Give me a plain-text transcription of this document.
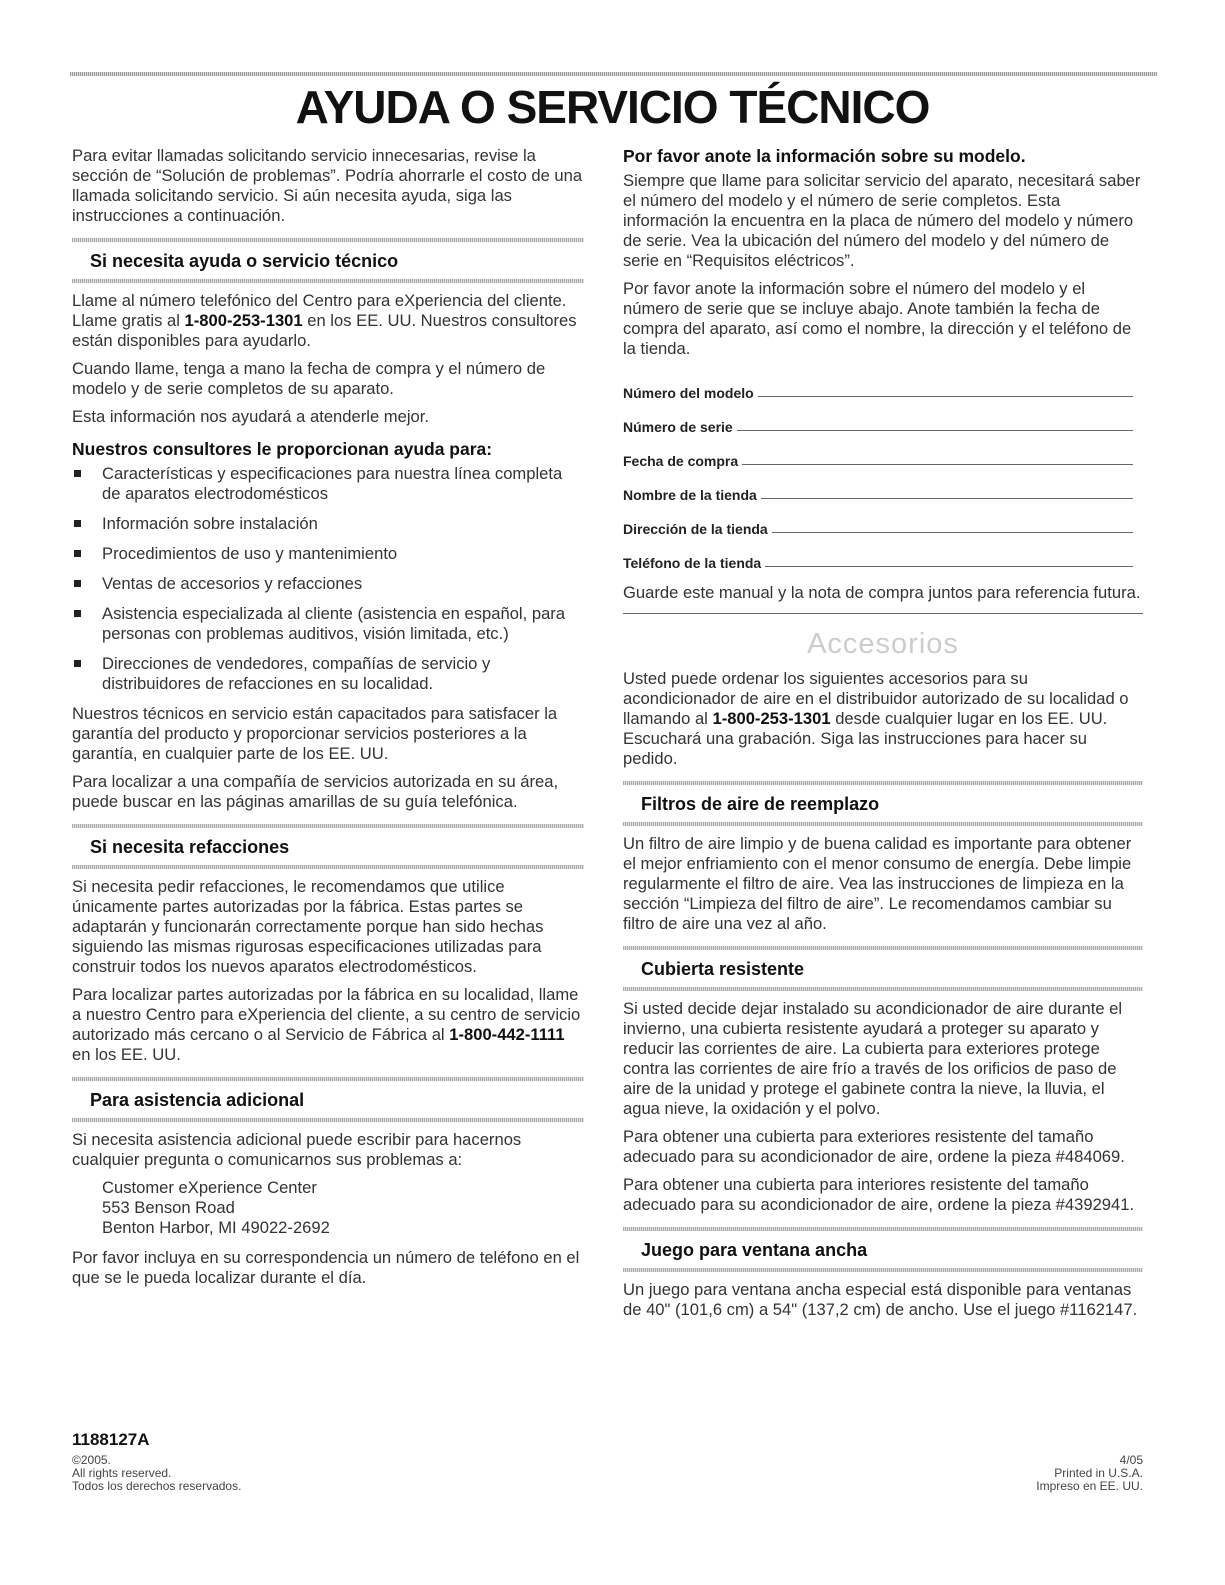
AYUDA O SERVICIO TÉCNICO

Para evitar llamadas solicitando servicio innecesarias, revise la sección de “Solución de problemas”. Podría ahorrarle el costo de una llamada solicitando servicio. Si aún necesita ayuda, siga las instrucciones a continuación.

Si necesita ayuda o servicio técnico

Llame al número telefónico del Centro para eXperiencia del cliente. Llame gratis al 1-800-253-1301 en los EE. UU. Nuestros consultores están disponibles para ayudarlo.

Cuando llame, tenga a mano la fecha de compra y el número de modelo y de serie completos de su aparato.

Esta información nos ayudará a atenderle mejor.

Nuestros consultores le proporcionan ayuda para:
Características y especificaciones para nuestra línea completa de aparatos electrodomésticos
Información sobre instalación
Procedimientos de uso y mantenimiento
Ventas de accesorios y refacciones
Asistencia especializada al cliente (asistencia en español, para personas con problemas auditivos, visión limitada, etc.)
Direcciones de vendedores, compañías de servicio y distribuidores de refacciones en su localidad.

Nuestros técnicos en servicio están capacitados para satisfacer la garantía del producto y proporcionar servicios posteriores a la garantía, en cualquier parte de los EE. UU.

Para localizar a una compañía de servicios autorizada en su área, puede buscar en las páginas amarillas de su guía telefónica.

Si necesita refacciones

Si necesita pedir refacciones, le recomendamos que utilice únicamente partes autorizadas por la fábrica. Estas partes se adaptarán y funcionarán correctamente porque han sido hechas siguiendo las mismas rigurosas especificaciones utilizadas para construir todos los nuevos aparatos electrodomésticos.

Para localizar partes autorizadas por la fábrica en su localidad, llame a nuestro Centro para eXperiencia del cliente, a su centro de servicio autorizado más cercano o al Servicio de Fábrica al 1-800-442-1111 en los EE. UU.

Para asistencia adicional

Si necesita asistencia adicional puede escribir para hacernos cualquier pregunta o comunicarnos sus problemas a:

Customer eXperience Center
553 Benson Road
Benton Harbor, MI 49022-2692

Por favor incluya en su correspondencia un número de teléfono en el que se le pueda localizar durante el día.

Por favor anote la información sobre su modelo.

Siempre que llame para solicitar servicio del aparato, necesitará saber el número del modelo y el número de serie completos. Esta información la encuentra en la placa de número del modelo y número de serie. Vea la ubicación del número del modelo y del número de serie en “Requisitos eléctricos”.

Por favor anote la información sobre el número del modelo y el número de serie que se incluye abajo. Anote también la fecha de compra del aparato, así como el nombre, la dirección y el teléfono de la tienda.

Número del modelo
Número de serie
Fecha de compra
Nombre de la tienda
Dirección de la tienda
Teléfono de la tienda

Guarde este manual y la nota de compra juntos para referencia futura.

Accesorios

Usted puede ordenar los siguientes accesorios para su acondicionador de aire en el distribuidor autorizado de su localidad o llamando al 1-800-253-1301 desde cualquier lugar en los EE. UU. Escuchará una grabación. Siga las instrucciones para hacer su pedido.

Filtros de aire de reemplazo

Un filtro de aire limpio y de buena calidad es importante para obtener el mejor enfriamiento con el menor consumo de energía. Debe limpie regularmente el filtro de aire. Vea las instrucciones de limpieza en la sección “Limpieza del filtro de aire”. Le recomendamos cambiar su filtro de aire una vez al año.

Cubierta resistente

Si usted decide dejar instalado su acondicionador de aire durante el invierno, una cubierta resistente ayudará a proteger su aparato y reducir las corrientes de aire. La cubierta para exteriores protege contra las corrientes de aire frío a través de los orificios de paso de aire de la unidad y protege el gabinete contra la nieve, la lluvia, el agua nieve, la oxidación y el polvo.

Para obtener una cubierta para exteriores resistente del tamaño adecuado para su acondicionador de aire, ordene la pieza #484069.

Para obtener una cubierta para interiores resistente del tamaño adecuado para su acondicionador de aire, ordene la pieza #4392941.

Juego para ventana ancha

Un juego para ventana ancha especial está disponible para ventanas de 40" (101,6 cm) a 54" (137,2 cm) de ancho. Use el juego #1162147.

1188127A
©2005.
All rights reserved.
Todos los derechos reservados.
4/05
Printed in U.S.A.
Impreso en EE. UU.
